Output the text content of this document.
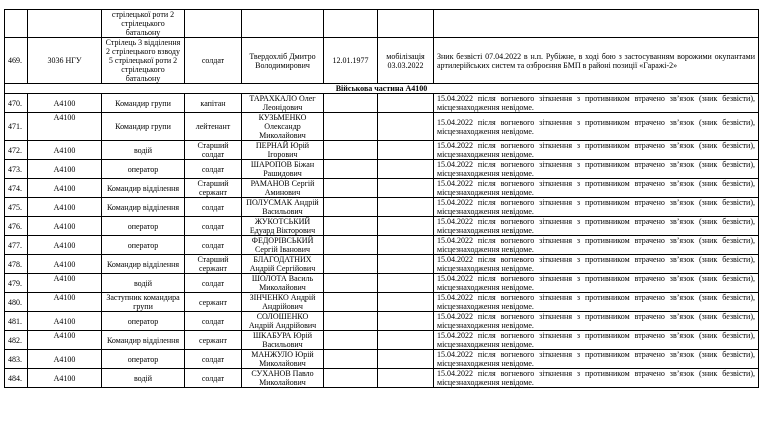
		стрілецької роти 2 стрілецького батальону					
469.	3036 НГУ	Стрілець 3 відділення 2 стрілецького взводу 5 стрілецької роти 2 стрілецького батальону	солдат	Твердохліб Дмитро Володимирович	12.01.1977	мобілізація 03.03.2022	Зник безвісті 07.04.2022 в н.п. Рубіжне, в ході бою з застосуванням ворожими окупантами артилерійських систем та озброєння БМП в районі позиції «Гаражі-2»
Військова частина А4100							
470.	А4100	Командир групи	капітан	ТАРАХКАЛО Олег Леонідович			15.04.2022 після вогневого зіткнення з противником втрачено зв’язок (зник безвісти), місцезнаходження невідоме.
471.	А4100	Командир групи	лейтенант	КУЗЬМЕНКО Олександр Миколайович			15.04.2022 після вогневого зіткнення з противником втрачено зв’язок (зник безвісти), місцезнаходження невідоме.
472.	А4100	водій	Старший солдат	ПЕРНАЙ Юрій Ігорович			15.04.2022 після вогневого зіткнення з противником втрачено зв’язок (зник безвісти), місцезнаходження невідоме.
473.	А4100	оператор	солдат	ШАРОПОВ Біжан Рашидович			15.04.2022 після вогневого зіткнення з противником втрачено зв’язок (зник безвісти), місцезнаходження невідоме.
474.	А4100	Командир відділення	Старший сержант	РАМАНОВ Сергій Аминович			15.04.2022 після вогневого зіткнення з противником втрачено зв’язок (зник безвісти), місцезнаходження невідоме.
475.	А4100	Командир відділення	солдат	ПОЛУСМАК Андрій Васильович			15.04.2022 після вогневого зіткнення з противником втрачено зв’язок (зник безвісти), місцезнаходження невідоме.
476.	А4100	оператор	солдат	ЖУКОТСЬКИЙ Едуард Вікторович			15.04.2022 після вогневого зіткнення з противником втрачено зв’язок (зник безвісти), місцезнаходження невідоме.
477.	А4100	оператор	солдат	ФЕДОРІВСЬКИЙ Сергій Іванович			15.04.2022 після вогневого зіткнення з противником втрачено зв’язок (зник безвісти), місцезнаходження невідоме.
478.	А4100	Командир відділення	Старший сержант	БЛАГОДАТНИХ Андрій Сергійович			15.04.2022 після вогневого зіткнення з противником втрачено зв’язок (зник безвісти), місцезнаходження невідоме.
479.	А4100	водій	солдат	ШОЛОТА Василь Миколайович			15.04.2022 після вогневого зіткнення з противником втрачено зв’язок (зник безвісти), місцезнаходження невідоме.
480.	А4100	Заступник командира групи	сержант	ЗІНЧЕНКО Андрій Андрійович			15.04.2022 після вогневого зіткнення з противником втрачено зв’язок (зник безвісти), місцезнаходження невідоме.
481.	А4100	оператор	солдат	СОЛОШЕНКО Андрій Андрійович			15.04.2022 після вогневого зіткнення з противником втрачено зв’язок (зник безвісти), місцезнаходження невідоме.
482.	А4100	Командир відділення	сержант	ШКАБУРА Юрій Васильович			15.04.2022 після вогневого зіткнення з противником втрачено зв’язок (зник безвісти), місцезнаходження невідоме.
483.	А4100	оператор	солдат	МАНЖУЛО Юрій Миколайович			15.04.2022 після вогневого зіткнення з противником втрачено зв’язок (зник безвісти), місцезнаходження невідоме.
484.	А4100	водій	солдат	СУХАНОВ Павло Миколайович			15.04.2022 після вогневого зіткнення з противником втрачено зв’язок (зник безвісти), місцезнаходження невідоме.
